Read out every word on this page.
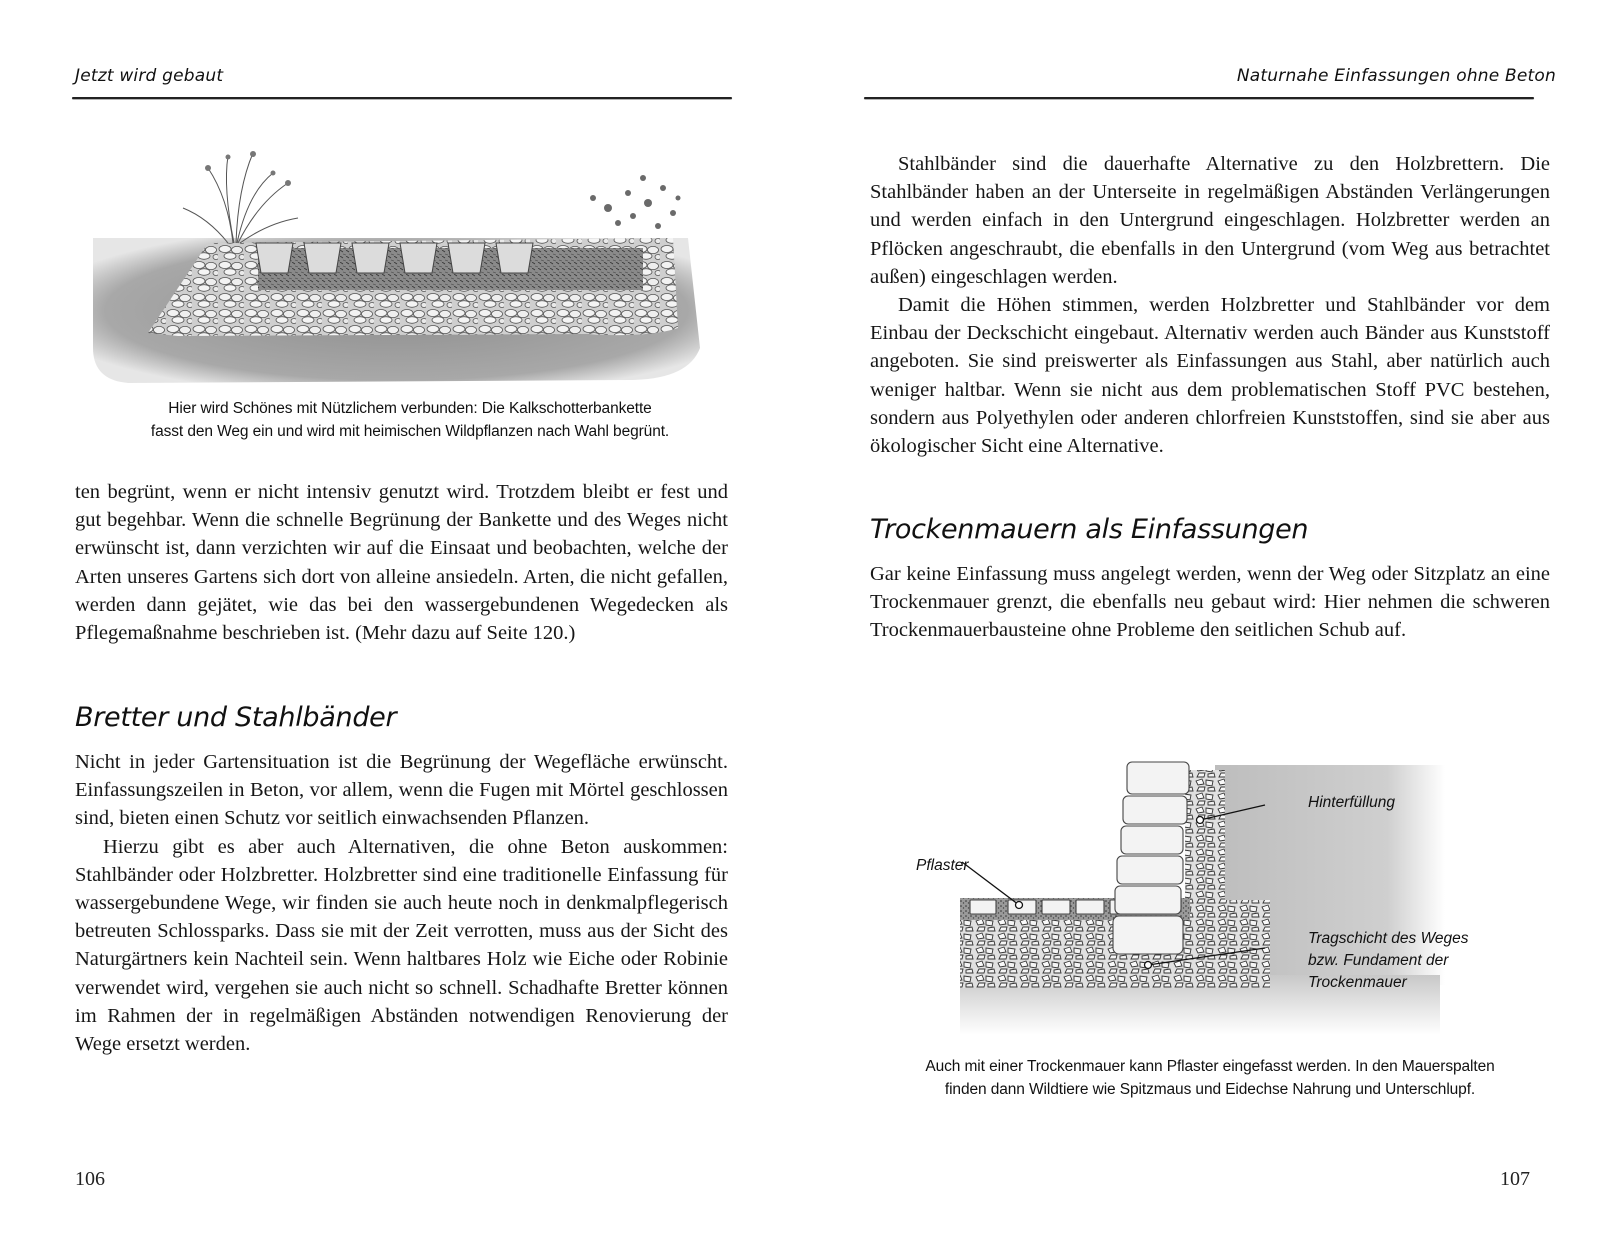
Jetzt wird gebaut
Hier wird Schönes mit Nützlichem verbunden: Die Kalkschotterbankette
fasst den Weg ein und wird mit heimischen Wildpflanzen nach Wahl begrünt.

ten begrünt, wenn er nicht intensiv genutzt wird. Trotzdem bleibt er fest und gut begehbar. Wenn die schnelle Begrünung der Bankette und des Weges nicht erwünscht ist, dann verzichten wir auf die Einsaat und beobachten, welche der Arten unseres Gartens sich dort von alleine ansiedeln. Arten, die nicht gefallen, werden dann gejätet, wie das bei den wassergebundenen Wegedecken als Pflegemaßnahme beschrieben ist. (Mehr dazu auf Seite 120.)

Bretter und Stahlbänder

Nicht in jeder Gartensituation ist die Begrünung der Wegefläche erwünscht. Einfassungszeilen in Beton, vor allem, wenn die Fugen mit Mörtel geschlossen sind, bieten einen Schutz vor seitlich einwachsenden Pflanzen.

Hierzu gibt es aber auch Alternativen, die ohne Beton auskommen: Stahlbänder oder Holzbretter. Holzbretter sind eine traditionelle Einfassung für wassergebundene Wege, wir finden sie auch heute noch in denkmalpflegerisch betreuten Schlossparks. Dass sie mit der Zeit verrotten, muss aus der Sicht des Naturgärtners kein Nachteil sein. Wenn haltbares Holz wie Eiche oder Robinie verwendet wird, vergehen sie auch nicht so schnell. Schadhafte Bretter können im Rahmen der in regelmäßigen Abständen notwendigen Renovierung der Wege ersetzt werden.

106
Naturnahe Einfassungen ohne Beton

Stahlbänder sind die dauerhafte Alternative zu den Holzbrettern. Die Stahlbänder haben an der Unterseite in regelmäßigen Abständen Verlängerungen und werden einfach in den Untergrund eingeschlagen. Holzbretter werden an Pflöcken angeschraubt, die ebenfalls in den Untergrund (vom Weg aus betrachtet außen) eingeschlagen werden.

Damit die Höhen stimmen, werden Holzbretter und Stahlbänder vor dem Einbau der Deckschicht eingebaut. Alternativ werden auch Bänder aus Kunststoff angeboten. Sie sind preiswerter als Einfassungen aus Stahl, aber natürlich auch weniger haltbar. Wenn sie nicht aus dem problematischen Stoff PVC bestehen, sondern aus Polyethylen oder anderen chlorfreien Kunststoffen, sind sie aber aus ökologischer Sicht eine Alternative.

Trockenmauern als Einfassungen

Gar keine Einfassung muss angelegt werden, wenn der Weg oder Sitzplatz an eine Trockenmauer grenzt, die ebenfalls neu gebaut wird: Hier nehmen die schweren Trockenmauerbausteine ohne Probleme den seitlichen Schub auf.

Pflaster
Hinterfüllung
Tragschicht des Weges
bzw. Fundament der
Trockenmauer
Auch mit einer Trockenmauer kann Pflaster eingefasst werden. In den Mauerspalten
finden dann Wildtiere wie Spitzmaus und Eidechse Nahrung und Unterschlupf.
107
